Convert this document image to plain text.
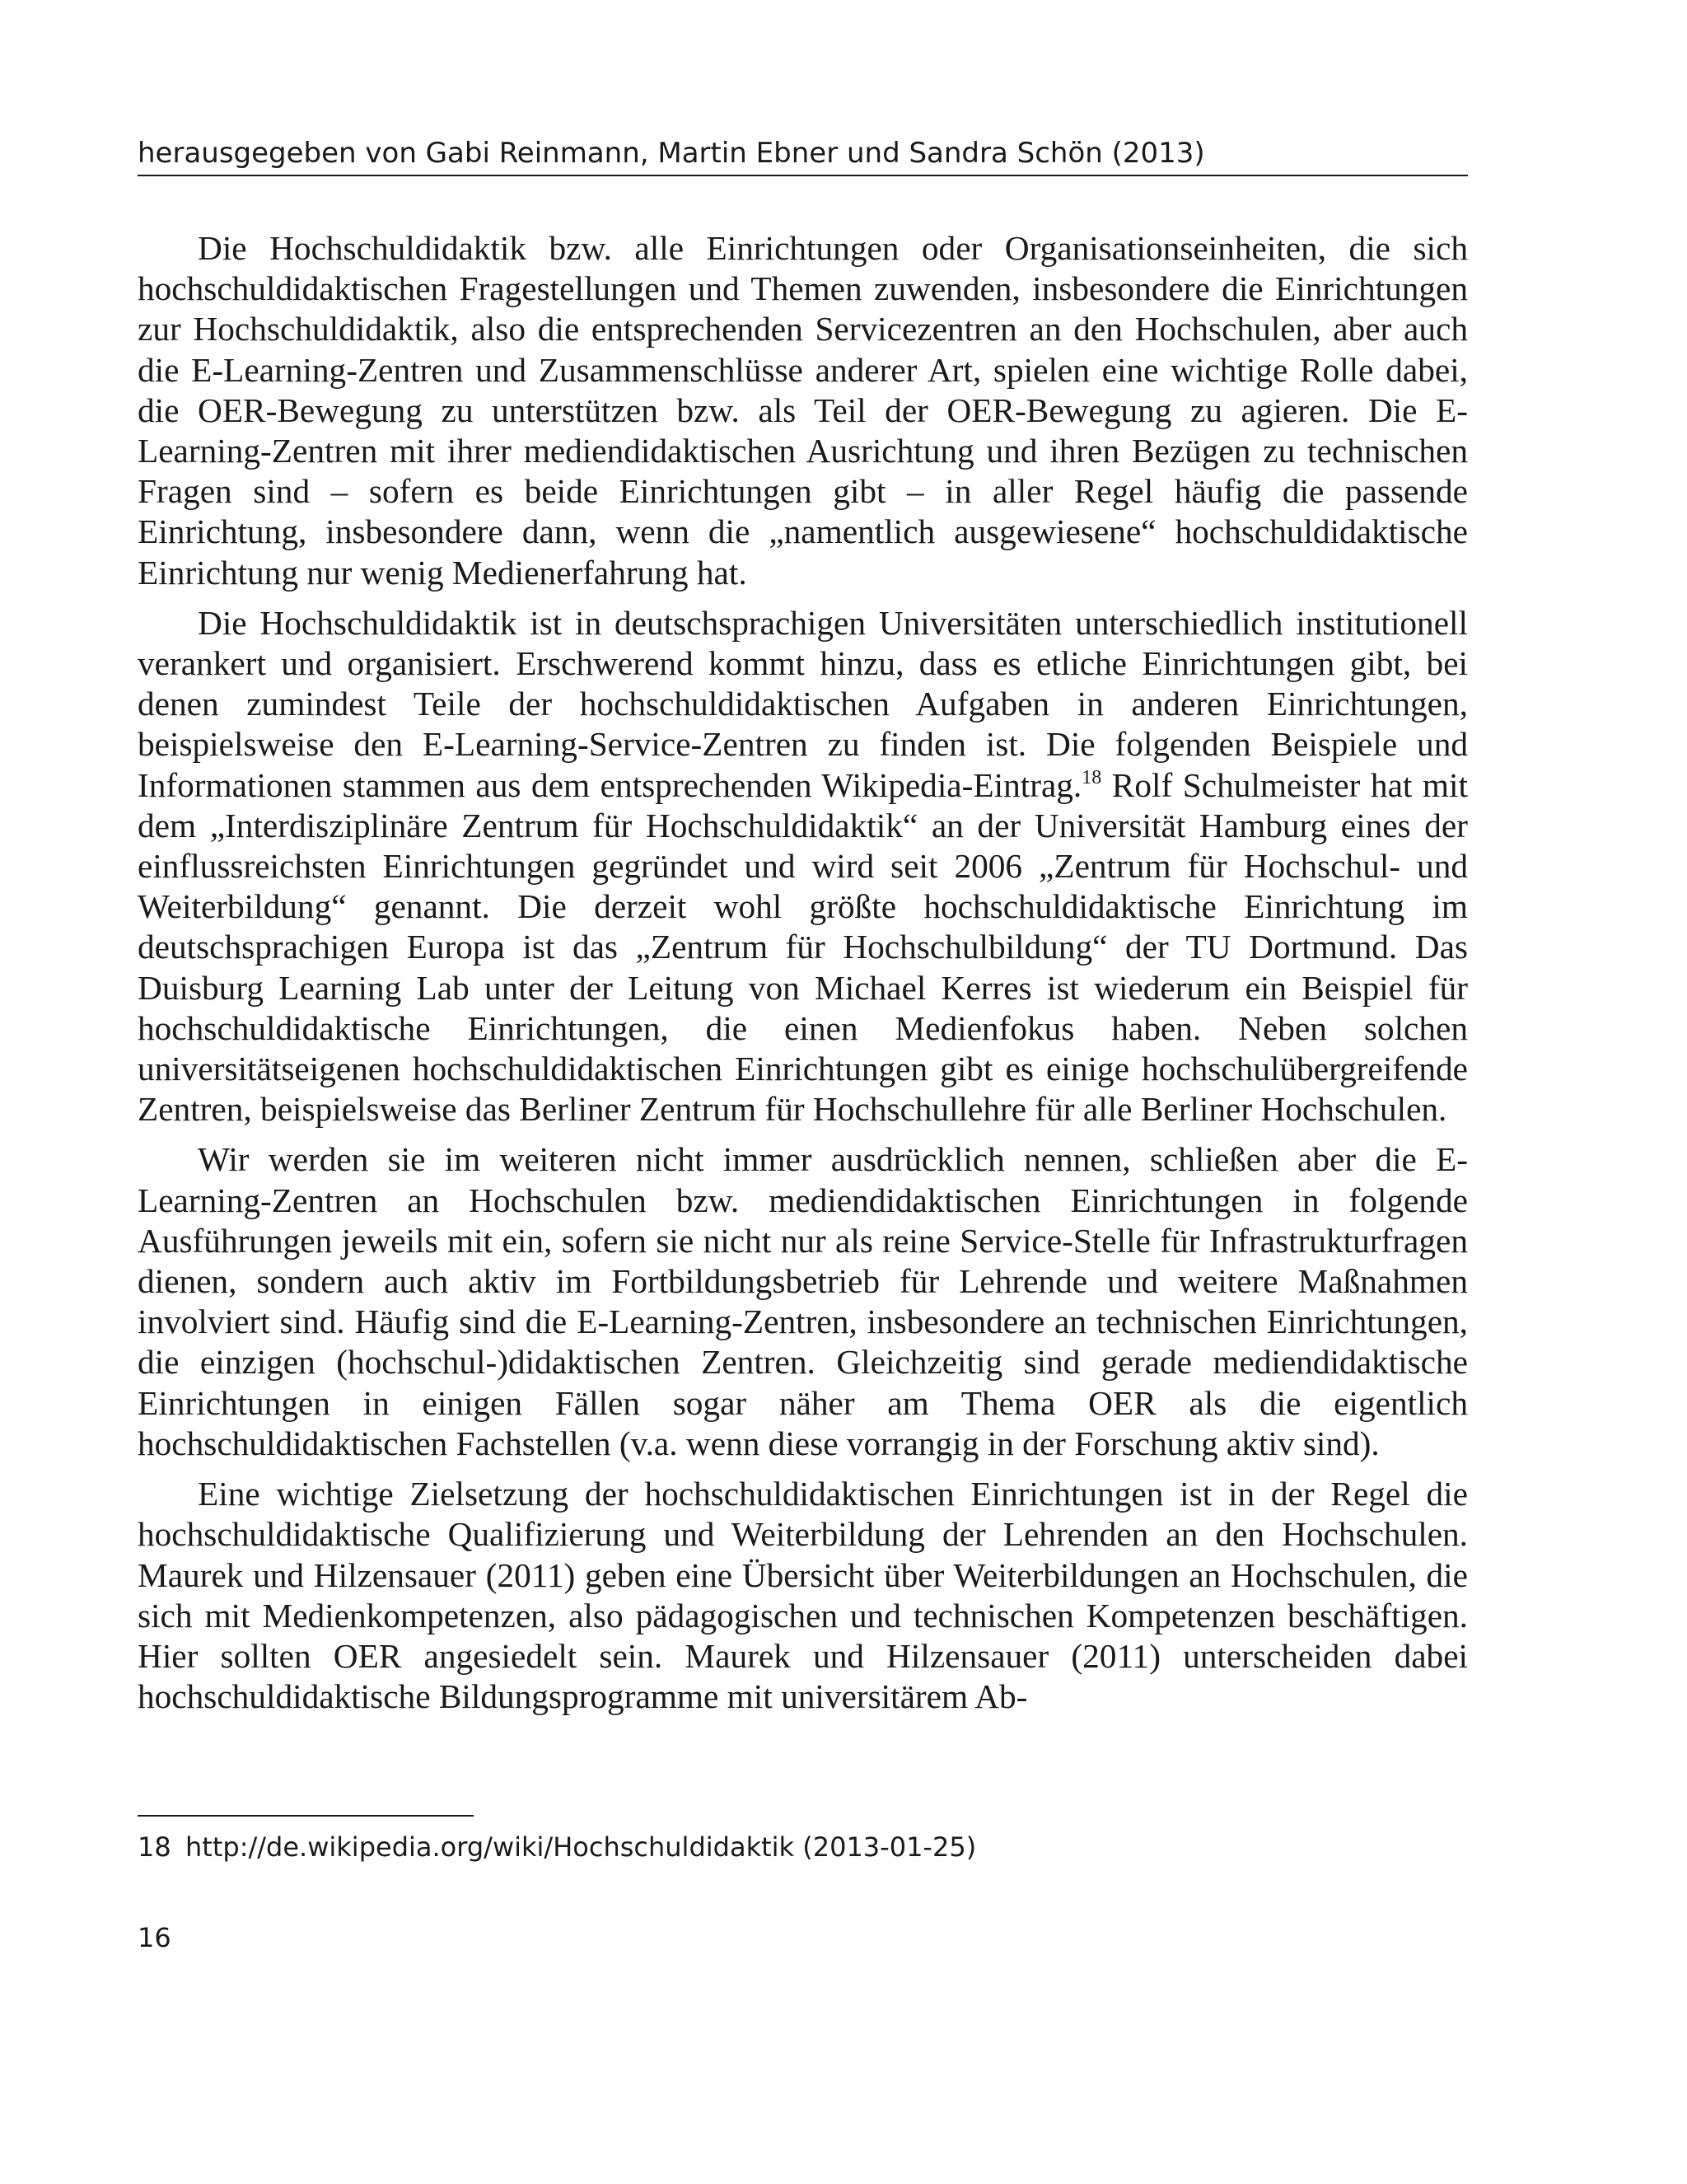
herausgegeben von Gabi Reinmann, Martin Ebner und Sandra Schön (2013)

Die Hochschuldidaktik bzw. alle Einrichtungen oder Organisationseinheiten, die sich hochschuldidaktischen Fragestellungen und Themen zuwenden, insbesondere die Einrichtungen zur Hochschuldidaktik, also die entsprechenden Servicezentren an den Hochschulen, aber auch die E-Learning-Zentren und Zusammenschlüsse anderer Art, spielen eine wichtige Rolle dabei, die OER-Bewegung zu unterstützen bzw. als Teil der OER-Bewegung zu agieren. Die E-Learning-Zentren mit ihrer mediendidaktischen Ausrichtung und ihren Bezügen zu technischen Fragen sind – sofern es beide Einrichtungen gibt – in aller Regel häufig die passende Einrichtung, insbesondere dann, wenn die „namentlich ausgewiesene“ hochschuldidaktische Einrichtung nur wenig Medienerfahrung hat.

Die Hochschuldidaktik ist in deutschsprachigen Universitäten unterschiedlich institutionell verankert und organisiert. Erschwerend kommt hinzu, dass es etliche Einrichtungen gibt, bei denen zumindest Teile der hochschuldidaktischen Aufgaben in anderen Einrichtungen, beispielsweise den E-Learning-Service-Zentren zu finden ist. Die folgenden Beispiele und Informationen stammen aus dem entsprechenden Wikipedia-Eintrag.$^{18}$ Rolf Schulmeister hat mit dem „Interdisziplinäre Zentrum für Hochschuldidaktik“ an der Universität Hamburg eines der einflussreichsten Einrichtungen gegründet und wird seit 2006 „Zentrum für Hochschul- und Weiterbildung“ genannt. Die derzeit wohl größte hochschuldidaktische Einrichtung im deutschsprachigen Europa ist das „Zentrum für Hochschulbildung“ der TU Dortmund. Das Duisburg Learning Lab unter der Leitung von Michael Kerres ist wiederum ein Beispiel für hochschuldidaktische Einrichtungen, die einen Medienfokus haben. Neben solchen universitätseigenen hochschuldidaktischen Einrichtungen gibt es einige hochschulübergreifende Zentren, beispielsweise das Berliner Zentrum für Hochschullehre für alle Berliner Hochschulen.

Wir werden sie im weiteren nicht immer ausdrücklich nennen, schließen aber die E-Learning-Zentren an Hochschulen bzw. mediendidaktischen Einrichtungen in folgende Ausführungen jeweils mit ein, sofern sie nicht nur als reine Service-Stelle für Infrastrukturfragen dienen, sondern auch aktiv im Fortbildungsbetrieb für Lehrende und weitere Maßnahmen involviert sind. Häufig sind die E-Learning-Zentren, insbesondere an technischen Einrichtungen, die einzigen (hochschul-)didaktischen Zentren. Gleichzeitig sind gerade mediendidaktische Einrichtungen in einigen Fällen sogar näher am Thema OER als die eigentlich hochschuldidaktischen Fachstellen (v.a. wenn diese vorrangig in der Forschung aktiv sind).

Eine wichtige Zielsetzung der hochschuldidaktischen Einrichtungen ist in der Regel die hochschuldidaktische Qualifizierung und Weiterbildung der Lehrenden an den Hochschulen. Maurek und Hilzensauer (2011) geben eine Übersicht über Weiterbildungen an Hochschulen, die sich mit Medienkompetenzen, also pädagogischen und technischen Kompetenzen beschäftigen. Hier sollten OER angesiedelt sein. Maurek und Hilzensauer (2011) unterscheiden dabei hochschuldidaktische Bildungsprogramme mit universitärem Ab-

18 http://de.wikipedia.org/wiki/Hochschuldidaktik (2013-01-25)
16
